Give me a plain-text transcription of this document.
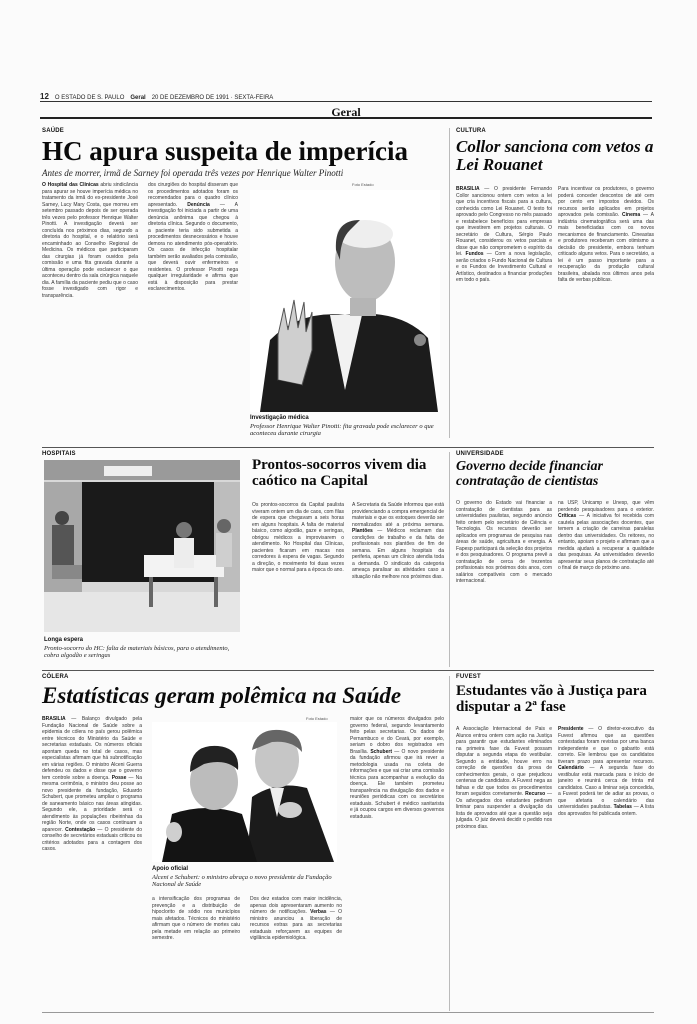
12 O ESTADO DE S. PAULO Geral 20 DE DEZEMBRO DE 1991 · SEXTA-FEIRA
Geral
SAÚDE
HC apura suspeita de imperícia
Antes de morrer, irmã de Sarney foi operada três vezes por Henrique Walter Pinotti
O Hospital das Clínicas abriu sindicância para apurar se houve imperícia médica no tratamento da irmã do ex-presidente José Sarney, Lucy Mary Costa, que morreu em setembro passado depois de ser operada três vezes pelo professor Henrique Walter Pinotti. A investigação deverá ser concluída nos próximos dias, segundo a diretoria do hospital, e o relatório será encaminhado ao Conselho Regional de Medicina. Os médicos que participaram das cirurgias já foram ouvidos pela comissão e uma fita gravada durante a última operação pode esclarecer o que aconteceu dentro da sala cirúrgica naquele dia. A família da paciente pediu que o caso fosse investigado com rigor e transparência.
dos cirurgiões do hospital disseram que os procedimentos adotados foram os recomendados para o quadro clínico apresentado. Denúncia — A investigação foi iniciada a partir de uma denúncia anônima que chegou à diretoria clínica. Segundo o documento, a paciente teria sido submetida a procedimentos desnecessários e houve demora no atendimento pós-operatório. Os casos de infecção hospitalar também serão avaliados pela comissão, que deverá ouvir enfermeiros e residentes. O professor Pinotti nega qualquer irregularidade e afirma que está à disposição para prestar esclarecimentos.
Foto Estado
Investigação médica
Professor Henrique Walter Pinotti: fita gravada pode esclarecer o que aconteceu durante cirurgia
CULTURA
Collor sanciona com vetos a Lei Rouanet
BRASÍLIA — O presidente Fernando Collor sancionou ontem com vetos a lei que cria incentivos fiscais para a cultura, conhecida como Lei Rouanet. O texto foi aprovado pelo Congresso no mês passado e restabelece benefícios para empresas que investirem em projetos culturais. O secretário de Cultura, Sérgio Paulo Rouanet, considerou os vetos parciais e disse que não comprometem o espírito da lei. Fundos — Com a nova legislação, serão criados o Fundo Nacional de Cultura e os Fundos de Investimento Cultural e Artístico, destinados a financiar produções em todo o país.
Para incentivar os produtores, o governo poderá conceder descontos de até cem por cento em impostos devidos. Os recursos serão aplicados em projetos aprovados pela comissão. Cinema — A indústria cinematográfica será uma das mais beneficiadas com os novos mecanismos de financiamento. Cineastas e produtores receberam com otimismo a decisão do presidente, embora tenham criticado alguns vetos. Para o secretário, a lei é um passo importante para a recuperação da produção cultural brasileira, abalada nos últimos anos pela falta de verbas públicas.
HOSPITAIS
Longa espera
Pronto-socorro do HC: falta de materiais básicos, para o atendimento, cobra algodão e seringas
Prontos-socorros vivem dia caótico na Capital
Os prontos-socorros da Capital paulista viveram ontem um dia de caos, com filas de espera que chegavam a seis horas em alguns hospitais. A falta de material básico, como algodão, gaze e seringas, obrigou médicos a improvisarem o atendimento. No Hospital das Clínicas, pacientes ficaram em macas nos corredores à espera de vagas. Segundo a direção, o movimento foi duas vezes maior que o normal para a época do ano.
A Secretaria da Saúde informou que está providenciando a compra emergencial de materiais e que os estoques deverão ser normalizados até a próxima semana. Plantões — Médicos reclamam das condições de trabalho e da falta de profissionais nos plantões de fim de semana. Em alguns hospitais da periferia, apenas um clínico atendia toda a demanda. O sindicato da categoria ameaça paralisar as atividades caso a situação não melhore nos próximos dias.
UNIVERSIDADE
Governo decide financiar contratação de cientistas
O governo do Estado vai financiar a contratação de cientistas para as universidades paulistas, segundo anúncio feito ontem pelo secretário de Ciência e Tecnologia. Os recursos deverão ser aplicados em programas de pesquisa nas áreas de saúde, agricultura e energia. A Fapesp participará da seleção dos projetos e dos pesquisadores. O programa prevê a contratação de cerca de trezentos profissionais nos próximos dois anos, com salários compatíveis com o mercado internacional.
na USP, Unicamp e Unesp, que vêm perdendo pesquisadores para o exterior. Críticas — A iniciativa foi recebida com cautela pelas associações docentes, que temem a criação de carreiras paralelas dentro das universidades. Os reitores, no entanto, apoiam o projeto e afirmam que a medida ajudará a recuperar a qualidade das pesquisas. As universidades deverão apresentar seus planos de contratação até o final de março do próximo ano.
CÓLERA
Estatísticas geram polêmica na Saúde
BRASÍLIA — Balanço divulgado pela Fundação Nacional de Saúde sobre a epidemia de cólera no país gerou polêmica entre técnicos do Ministério da Saúde e secretarias estaduais. Os números oficiais apontam queda no total de casos, mas especialistas afirmam que há subnotificação em várias regiões. O ministro Alceni Guerra defendeu os dados e disse que o governo tem controle sobre a doença. Posse — Na mesma cerimônia, o ministro deu posse ao novo presidente da fundação, Eduardo Schubert, que prometeu ampliar o programa de saneamento básico nas áreas atingidas. Segundo ele, a prioridade será o atendimento às populações ribeirinhas da região Norte, onde os casos continuam a aparecer. Contestação — O presidente do conselho de secretários estaduais criticou os critérios adotados para a contagem dos casos.
Foto Estado
Apoio oficial
Alceni e Schubert: o ministro abraça o novo presidente da Fundação Nacional de Saúde
a intensificação dos programas de prevenção e a distribuição de hipoclorito de sódio nos municípios mais afetados. Técnicos do ministério afirmam que o número de mortes caiu pela metade em relação ao primeiro semestre.
Dos dez estados com maior incidência, apenas dois apresentaram aumento no número de notificações. Verbas — O ministro anunciou a liberação de recursos extras para as secretarias estaduais reforçarem as equipes de vigilância epidemiológica.
maior que os números divulgados pelo governo federal, segundo levantamento feito pelas secretarias. Os dados de Pernambuco e do Ceará, por exemplo, seriam o dobro dos registrados em Brasília. Schubert — O novo presidente da fundação afirmou que irá rever a metodologia usada na coleta de informações e que vai criar uma comissão técnica para acompanhar a evolução da doença. Ele também prometeu transparência na divulgação dos dados e reuniões periódicas com os secretários estaduais. Schubert é médico sanitarista e já ocupou cargos em diversos governos estaduais.
FUVEST
Estudantes vão à Justiça para disputar a 2ª fase
A Associação Internacional de Pais e Alunos entrou ontem com ação na Justiça para garantir que estudantes eliminados na primeira fase da Fuvest possam disputar a segunda etapa do vestibular. Segundo a entidade, houve erro na correção de questões da prova de conhecimentos gerais, o que prejudicou centenas de candidatos. A Fuvest nega as falhas e diz que todos os procedimentos foram seguidos corretamente. Recurso — Os advogados dos estudantes pediram liminar para suspender a divulgação da lista de aprovados até que a questão seja julgada. O juiz deverá decidir o pedido nos próximos dias.
Presidente — O diretor-executivo da Fuvest afirmou que as questões contestadas foram revistas por uma banca independente e que o gabarito está correto. Ele lembrou que os candidatos tiveram prazo para apresentar recursos. Calendário — A segunda fase do vestibular está marcada para o início de janeiro e reunirá cerca de trinta mil candidatos. Caso a liminar seja concedida, a Fuvest poderá ter de adiar as provas, o que afetaria o calendário das universidades paulistas. Tabelas — A lista dos aprovados foi publicada ontem.
